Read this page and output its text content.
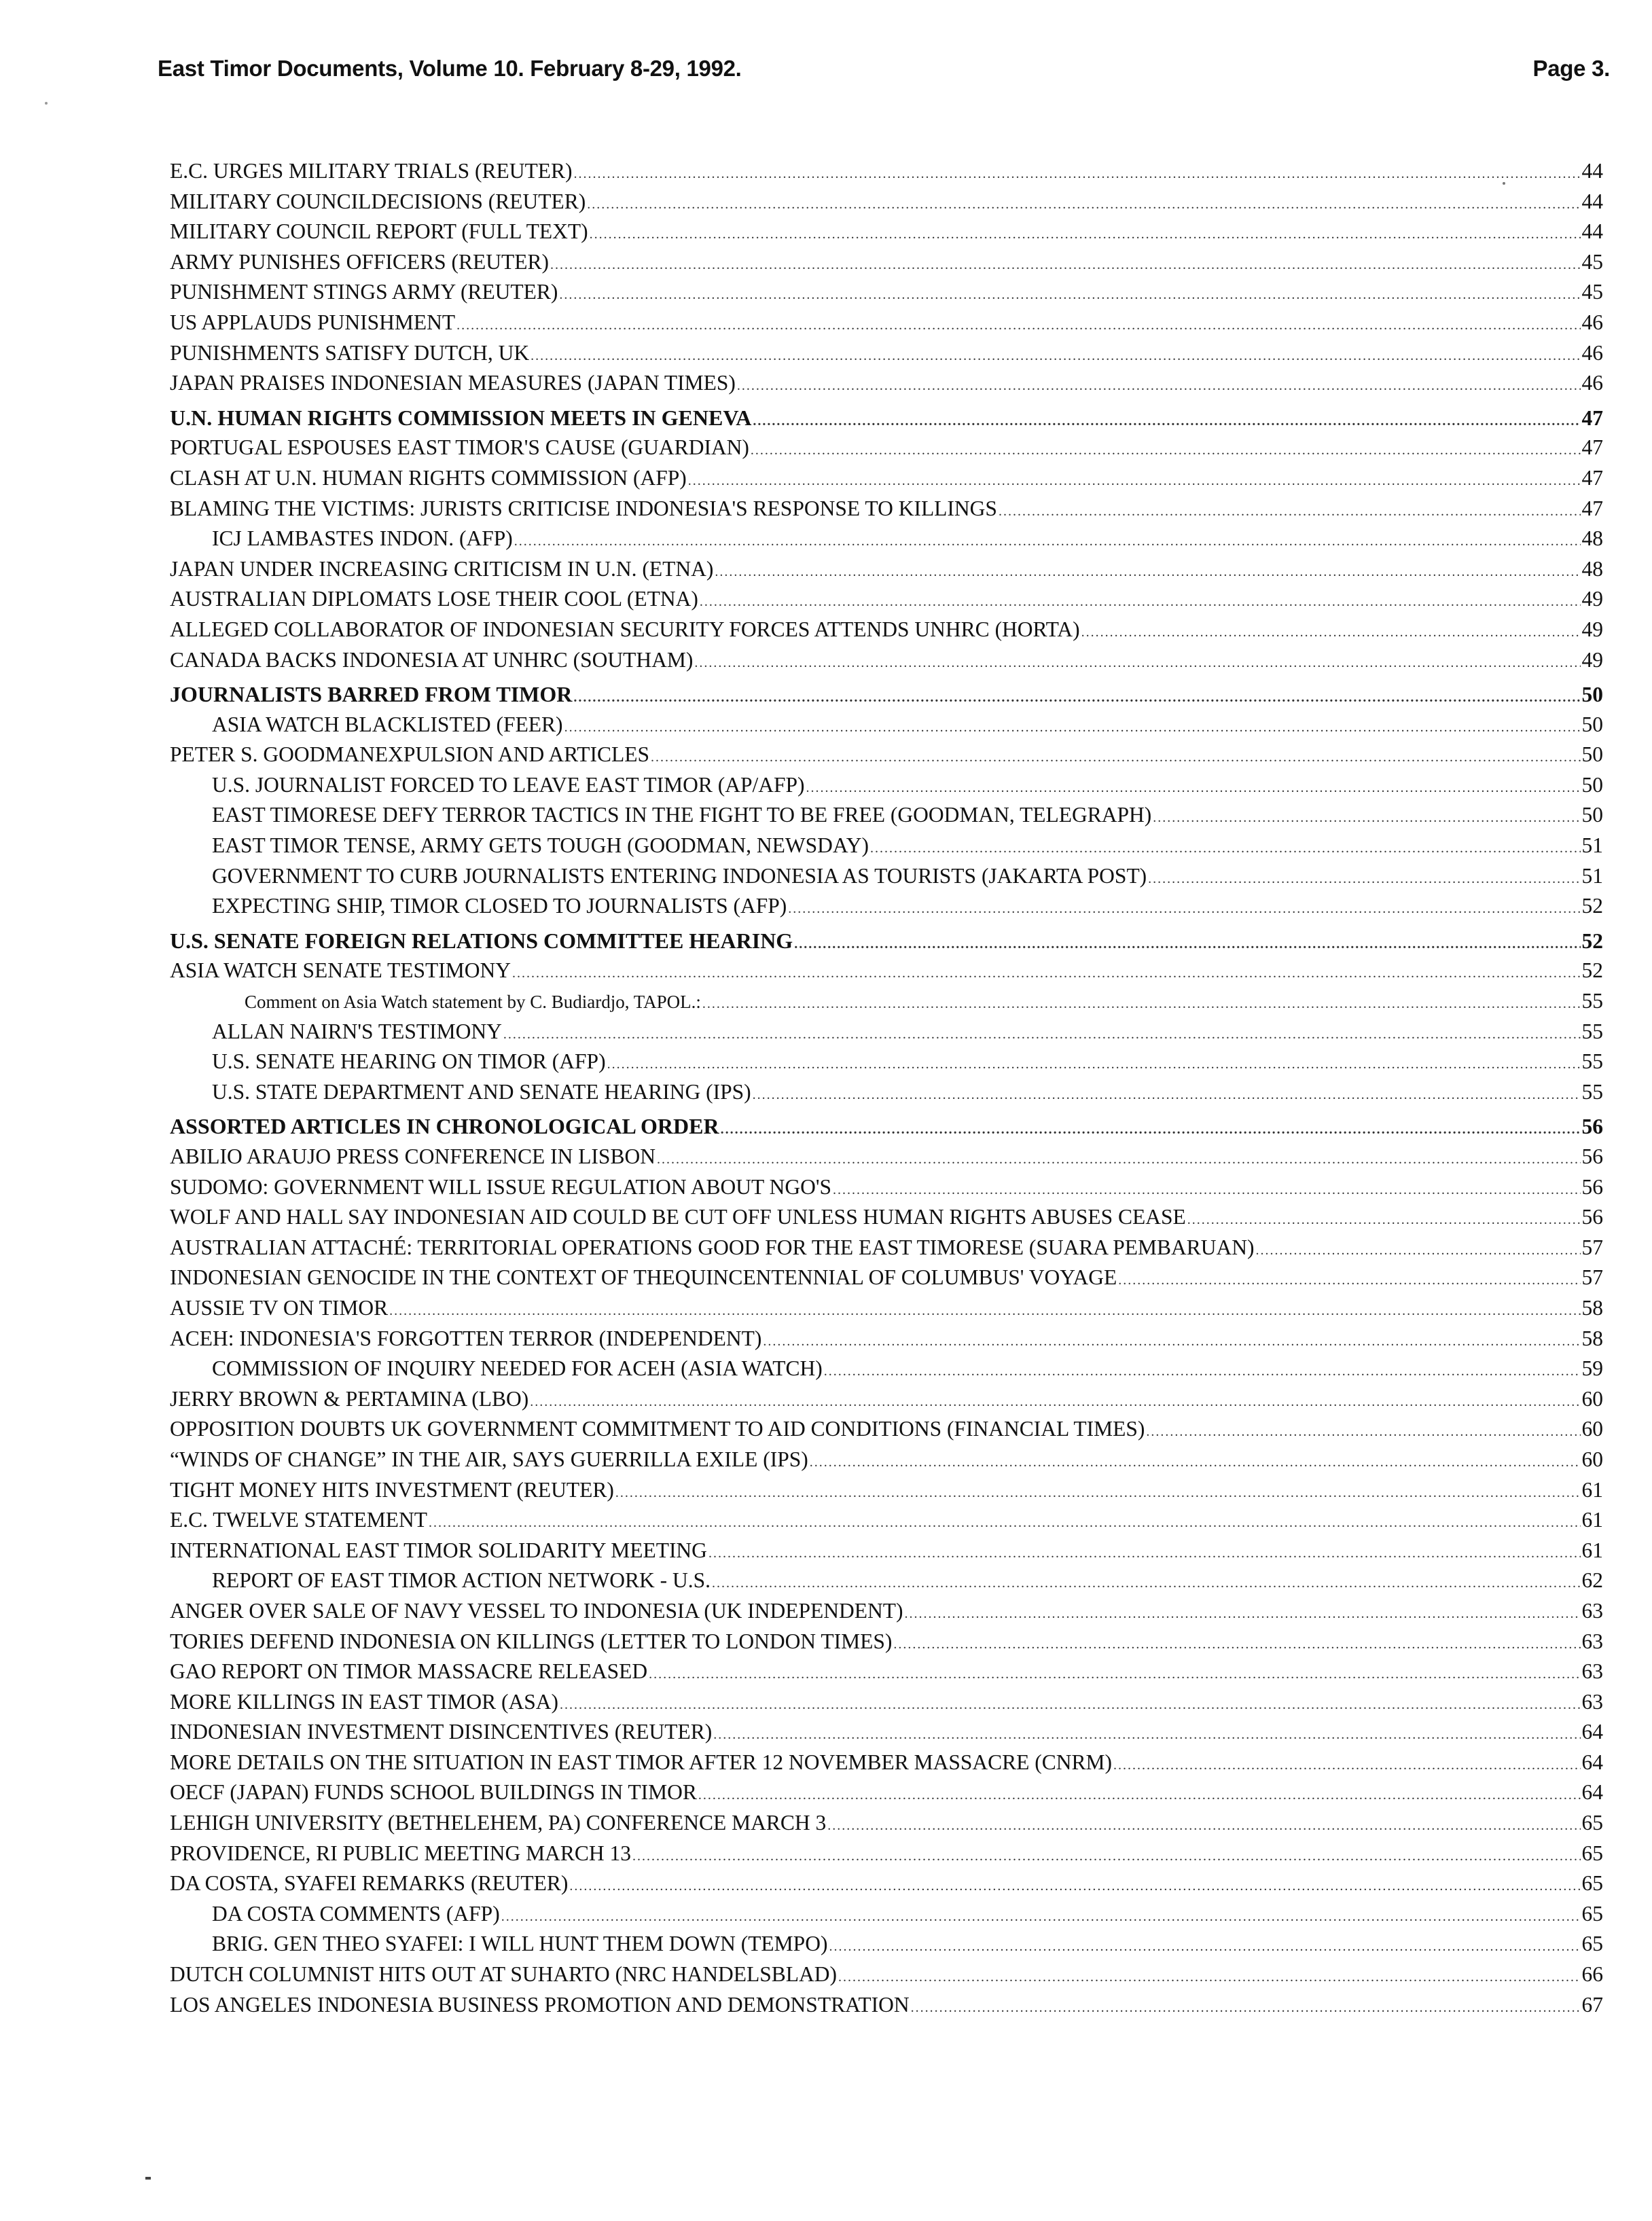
East Timor Documents, Volume 10. February 8-29, 1992.	Page 3.
E.C. URGES MILITARY TRIALS (REUTER) .....	44
MILITARY COUNCILDECISIONS (REUTER) .....	44
MILITARY COUNCIL REPORT (FULL TEXT) .....	44
ARMY PUNISHES OFFICERS (REUTER) .....	45
PUNISHMENT STINGS ARMY (REUTER) .....	45
US APPLAUDS PUNISHMENT .....	46
PUNISHMENTS SATISFY DUTCH, UK .....	46
JAPAN PRAISES INDONESIAN MEASURES (JAPAN TIMES) .....	46
U.N. HUMAN RIGHTS COMMISSION MEETS IN GENEVA .....	47
PORTUGAL ESPOUSES EAST TIMOR'S CAUSE (GUARDIAN) .....	47
CLASH AT U.N. HUMAN RIGHTS COMMISSION (AFP) .....	47
BLAMING THE VICTIMS: JURISTS CRITICISE INDONESIA'S RESPONSE TO KILLINGS .....	47
ICJ LAMBASTES INDON. (AFP) .....	48
JAPAN UNDER INCREASING CRITICISM IN U.N. (ETNA) .....	48
AUSTRALIAN DIPLOMATS LOSE THEIR COOL (ETNA) .....	49
ALLEGED COLLABORATOR OF INDONESIAN SECURITY FORCES ATTENDS UNHRC (HORTA) .....	49
CANADA BACKS INDONESIA AT UNHRC (SOUTHAM) .....	49
JOURNALISTS BARRED FROM TIMOR .....	50
ASIA WATCH BLACKLISTED (FEER) .....	50
PETER S. GOODMANEXPULSION AND ARTICLES .....	50
U.S. JOURNALIST FORCED TO LEAVE EAST TIMOR (AP/AFP) .....	50
EAST TIMORESE DEFY TERROR TACTICS IN THE FIGHT TO BE FREE (GOODMAN, TELEGRAPH) .....	50
EAST TIMOR TENSE, ARMY GETS TOUGH (GOODMAN, NEWSDAY) .....	51
GOVERNMENT TO CURB JOURNALISTS ENTERING INDONESIA AS TOURISTS (JAKARTA POST) .....	51
EXPECTING SHIP, TIMOR CLOSED TO JOURNALISTS (AFP) .....	52
U.S. SENATE FOREIGN RELATIONS COMMITTEE HEARING .....	52
ASIA WATCH SENATE TESTIMONY .....	52
Comment on Asia Watch statement by C. Budiardjo, TAPOL.: .....	55
ALLAN NAIRN'S TESTIMONY .....	55
U.S. SENATE HEARING ON TIMOR (AFP) .....	55
U.S. STATE DEPARTMENT AND SENATE HEARING (IPS) .....	55
ASSORTED ARTICLES IN CHRONOLOGICAL ORDER .....	56
ABILIO ARAUJO PRESS CONFERENCE IN LISBON .....	56
SUDOMO: GOVERNMENT WILL ISSUE REGULATION ABOUT NGO'S .....	56
WOLF AND HALL SAY INDONESIAN AID COULD BE CUT OFF UNLESS HUMAN RIGHTS ABUSES CEASE .....	56
AUSTRALIAN ATTACHÉ: TERRITORIAL OPERATIONS GOOD FOR THE EAST TIMORESE (SUARA PEMBARUAN) .....	57
INDONESIAN GENOCIDE IN THE CONTEXT OF THEQUINCENTENNIAL OF COLUMBUS' VOYAGE .....	57
AUSSIE TV ON TIMOR .....	58
ACEH: INDONESIA'S FORGOTTEN TERROR (INDEPENDENT) .....	58
COMMISSION OF INQUIRY NEEDED FOR ACEH (ASIA WATCH) .....	59
JERRY BROWN & PERTAMINA (LBO) .....	60
OPPOSITION DOUBTS UK GOVERNMENT COMMITMENT TO AID CONDITIONS (FINANCIAL TIMES) .....	60
“WINDS OF CHANGE” IN THE AIR, SAYS GUERRILLA EXILE (IPS) .....	60
TIGHT MONEY HITS INVESTMENT (REUTER) .....	61
E.C. TWELVE STATEMENT .....	61
INTERNATIONAL EAST TIMOR SOLIDARITY MEETING .....	61
REPORT OF EAST TIMOR ACTION NETWORK - U.S. .....	62
ANGER OVER SALE OF NAVY VESSEL TO INDONESIA (UK INDEPENDENT) .....	63
TORIES DEFEND INDONESIA ON KILLINGS (LETTER TO LONDON TIMES) .....	63
GAO REPORT ON TIMOR MASSACRE RELEASED .....	63
MORE KILLINGS IN EAST TIMOR (ASA) .....	63
INDONESIAN INVESTMENT DISINCENTIVES (REUTER) .....	64
MORE DETAILS ON THE SITUATION IN EAST TIMOR AFTER 12 NOVEMBER MASSACRE (CNRM) .....	64
OECF (JAPAN) FUNDS SCHOOL BUILDINGS IN TIMOR .....	64
LEHIGH UNIVERSITY (BETHELEHEM, PA) CONFERENCE MARCH 3 .....	65
PROVIDENCE, RI PUBLIC MEETING MARCH 13 .....	65
DA COSTA, SYAFEI REMARKS (REUTER) .....	65
DA COSTA COMMENTS (AFP) .....	65
BRIG. GEN THEO SYAFEI: I WILL HUNT THEM DOWN (TEMPO) .....	65
DUTCH COLUMNIST HITS OUT AT SUHARTO (NRC HANDELSBLAD) .....	66
LOS ANGELES INDONESIA BUSINESS PROMOTION AND DEMONSTRATION .....	67
